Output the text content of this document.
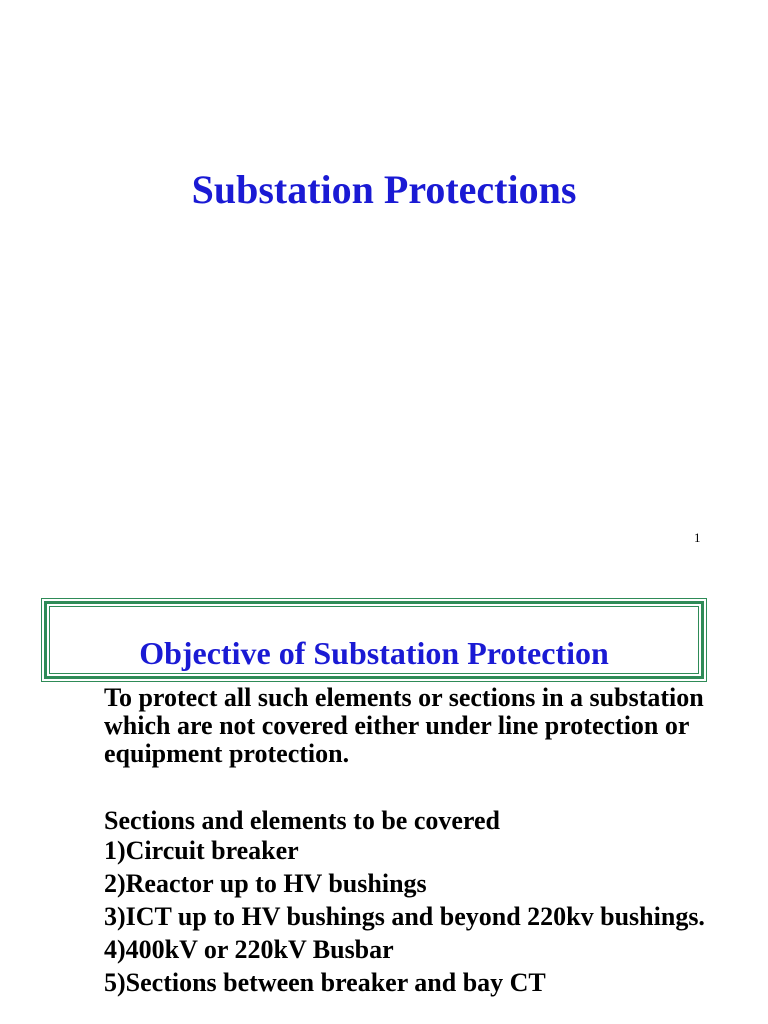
Substation Protections
1
Objective of Substation Protection

To protect all such elements or sections in a substation which are not covered either under line protection or equipment protection.

Sections and elements to be covered

1)Circuit breaker
2)Reactor up to HV bushings
3)ICT up to HV bushings and beyond 220kv bushings.
4)400kV or 220kV Busbar
5)Sections between breaker and bay CT
